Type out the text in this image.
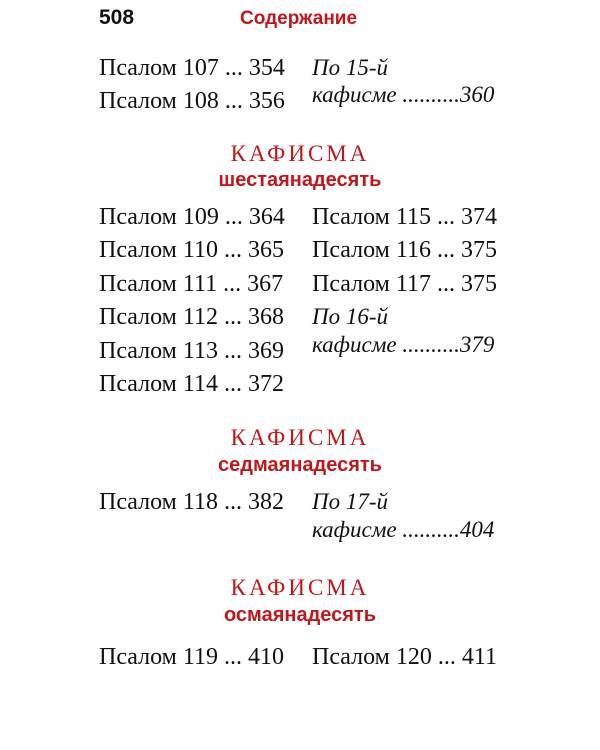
508	Содержание
Псалом 107 ... 354
Псалом 108 ... 356
По 15-й
кафисме ..........360
КАФИСМА
шестаянадесять
Псалом 109 ... 364
Псалом 110 ... 365
Псалом 111 ... 367
Псалом 112 ... 368
Псалом 113 ... 369
Псалом 114 ... 372
Псалом 115 ... 374
Псалом 116 ... 375
Псалом 117 ... 375
По 16-й
кафисме ..........379
КАФИСМА
седмаянадесять
Псалом 118 ... 382 По 17-й
кафисме ..........404
КАФИСМА
осмаянадесять
Псалом 119 ... 410 Псалом 120 ... 411
